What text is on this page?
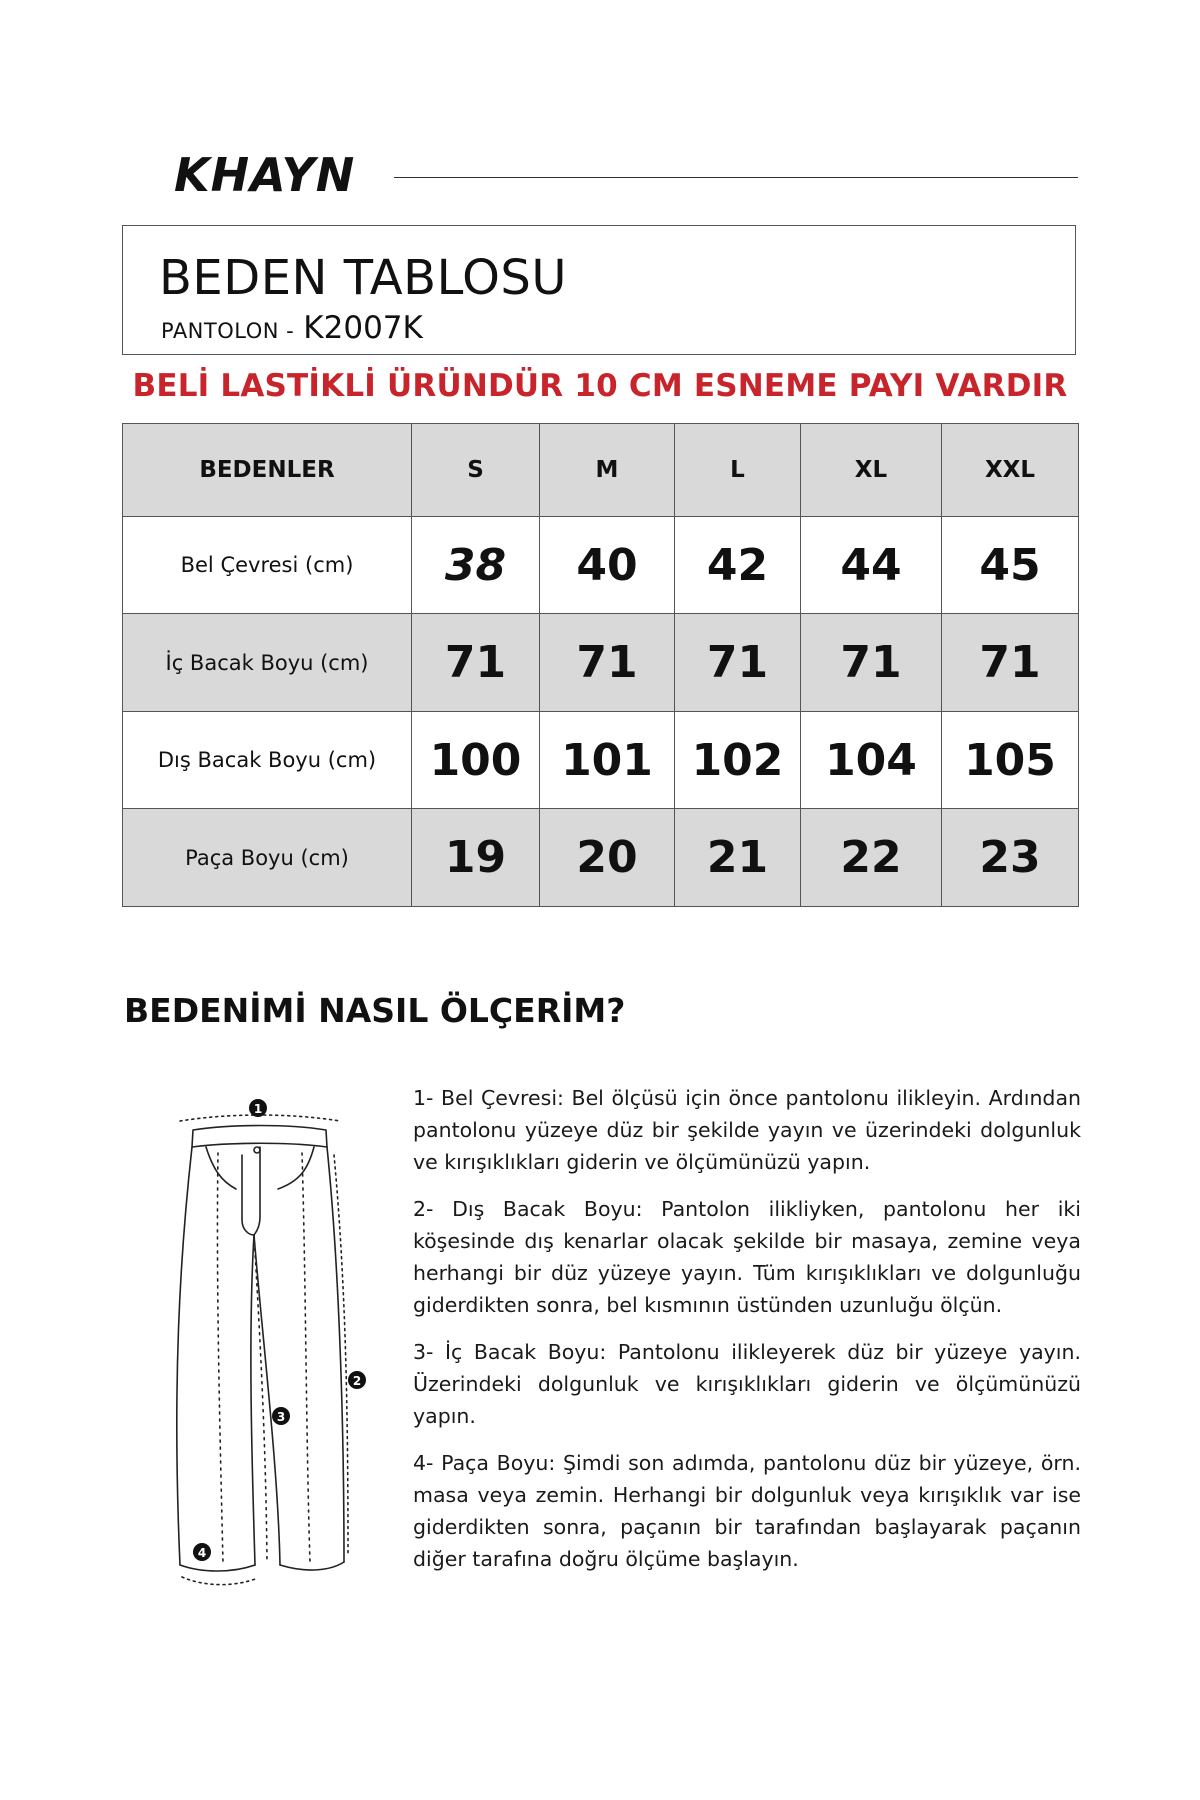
KHAYN
BEDEN TABLOSU
PANTOLON - K2007K
BELİ LASTİKLİ ÜRÜNDÜR 10 CM ESNEME PAYI VARDIR
BEDENLER	S	M	L	XL	XXL
Bel Çevresi (cm)	38	40	42	44	45
İç Bacak Boyu (cm)	71	71	71	71	71
Dış Bacak Boyu (cm)	100	101	102	104	105
Paça Boyu (cm)	19	20	21	22	23
BEDENİMİ NASIL ÖLÇERİM?
1
2
3
4

1- Bel Çevresi: Bel ölçüsü için önce pantolonu ilikleyin. Ardından pantolonu yüzeye düz bir şekilde yayın ve üzerindeki dolgunluk ve kırışıklıkları giderin ve ölçümünüzü yapın.

2- Dış Bacak Boyu: Pantolon ilikliyken, pantolonu her iki köşesinde dış kenarlar olacak şekilde bir masaya, zemine veya herhangi bir düz yüzeye yayın. Tüm kırışıklıkları ve dolgunluğu giderdikten sonra, bel kısmının üstünden uzunluğu ölçün.

3- İç Bacak Boyu: Pantolonu ilikleyerek düz bir yüzeye yayın. Üzerindeki dolgunluk ve kırışıklıkları giderin ve ölçümünüzü yapın.

4- Paça Boyu: Şimdi son adımda, pantolonu düz bir yüzeye, örn. masa veya zemin. Herhangi bir dolgunluk veya kırışıklık var ise giderdikten sonra, paçanın bir tarafından başlayarak paçanın diğer tarafına doğru ölçüme başlayın.
